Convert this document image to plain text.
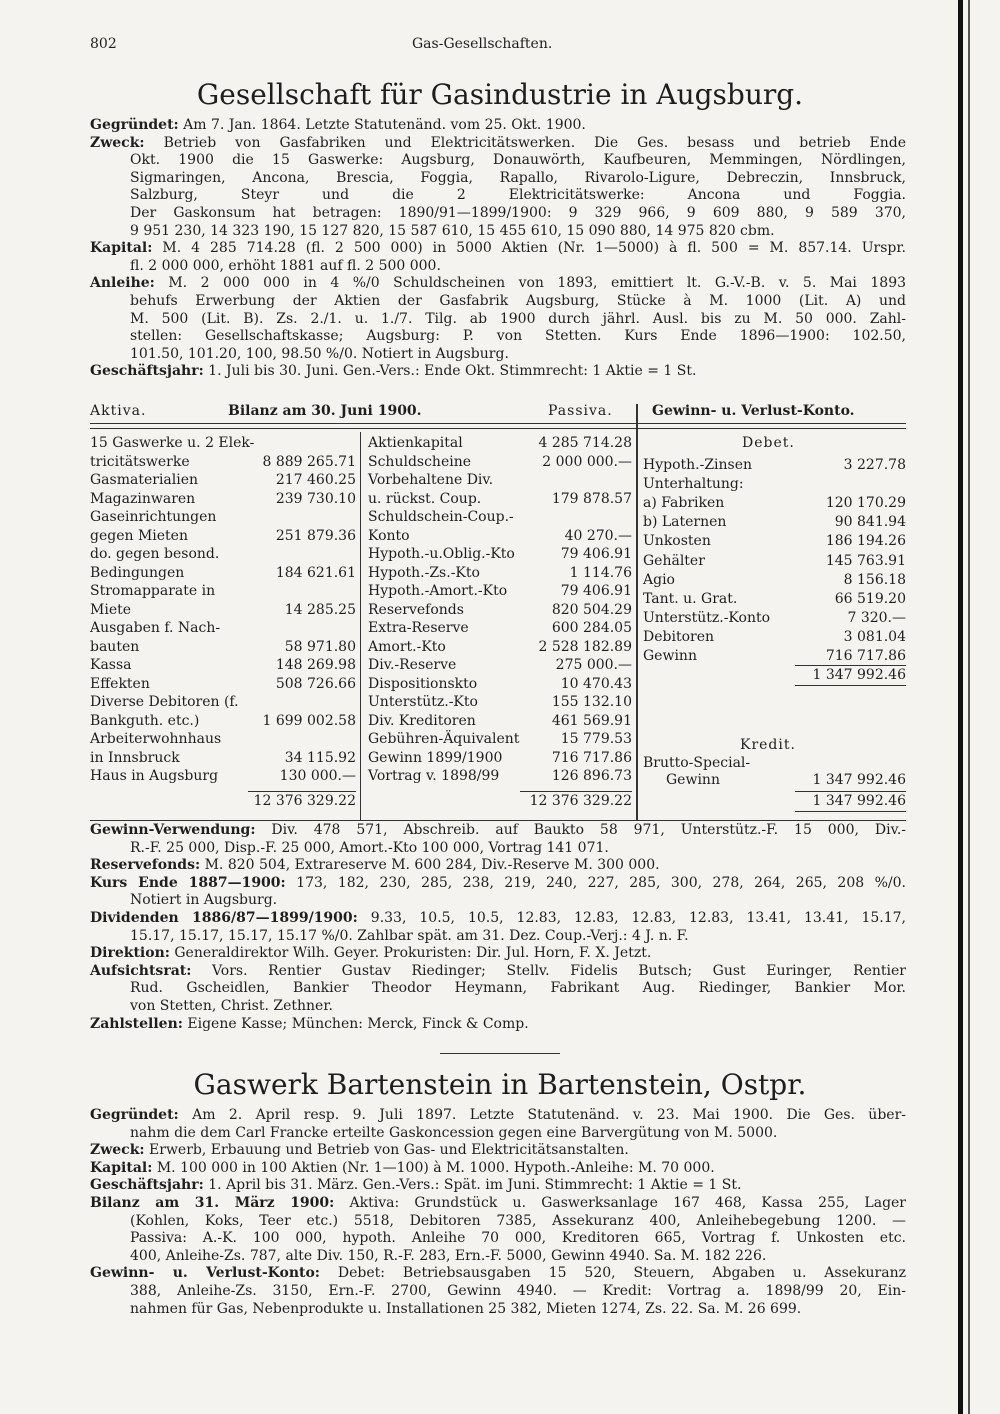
802	Gas-Gesellschaften.
Gesellschaft für Gasindustrie in Augsburg.
Gegründet: Am 7. Jan. 1864. Letzte Statutenänd. vom 25. Okt. 1900.
Zweck: Betrieb von Gasfabriken und Elektricitätswerken. Die Ges. besass und betrieb Ende
Okt. 1900 die 15 Gaswerke: Augsburg, Donauwörth, Kaufbeuren, Memmingen, Nördlingen,
Sigmaringen, Ancona, Brescia, Foggia, Rapallo, Rivarolo-Ligure, Debreczin, Innsbruck,
Salzburg, Steyr und die 2 Elektricitätswerke: Ancona und Foggia.
Der Gaskonsum hat betragen: 1890/91—1899/1900: 9 329 966, 9 609 880, 9 589 370,
9 951 230, 14 323 190, 15 127 820, 15 587 610, 15 455 610, 15 090 880, 14 975 820 cbm.
Kapital: M. 4 285 714.28 (fl. 2 500 000) in 5000 Aktien (Nr. 1—5000) à fl. 500 = M. 857.14. Urspr.
fl. 2 000 000, erhöht 1881 auf fl. 2 500 000.
Anleihe: M. 2 000 000 in 4 %/0 Schuldscheinen von 1893, emittiert lt. G.-V.-B. v. 5. Mai 1893
behufs Erwerbung der Aktien der Gasfabrik Augsburg, Stücke à M. 1000 (Lit. A) und
M. 500 (Lit. B). Zs. 2./1. u. 1./7. Tilg. ab 1900 durch jährl. Ausl. bis zu M. 50 000. Zahl-
stellen: Gesellschaftskasse; Augsburg: P. von Stetten. Kurs Ende 1896—1900: 102.50,
101.50, 101.20, 100, 98.50 %/0. Notiert in Augsburg.
Geschäftsjahr: 1. Juli bis 30. Juni. Gen.-Vers.: Ende Okt. Stimmrecht: 1 Aktie = 1 St.
Aktiva.	Bilanz am 30. Juni 1900.	Passiva.	Gewinn- u. Verlust-Konto.
15 Gaswerke u. 2 Elek-
tricitätswerke	8 889 265.71
Gasmaterialien	217 460.25
Magazinwaren	239 730.10
Gaseinrichtungen
gegen Mieten	251 879.36
do. gegen besond.
Bedingungen	184 621.61
Stromapparate in
Miete	14 285.25
Ausgaben f. Nach-
bauten	58 971.80
Kassa	148 269.98
Effekten	508 726.66
Diverse Debitoren (f.
Bankguth. etc.)	1 699 002.58
Arbeiterwohnhaus
in Innsbruck	34 115.92
Haus in Augsburg	130 000.—
Aktienkapital	4 285 714.28
Schuldscheine	2 000 000.—
Vorbehaltene Div.
u. rückst. Coup.	179 878.57
Schuldschein-Coup.-
Konto	40 270.—
Hypoth.-u.Oblig.-Kto	79 406.91
Hypoth.-Zs.-Kto	1 114.76
Hypoth.-Amort.-Kto	79 406.91
Reservefonds	820 504.29
Extra-Reserve	600 284.05
Amort.-Kto	2 528 182.89
Div.-Reserve	275 000.—
Dispositionskto	10 470.43
Unterstütz.-Kto	155 132.10
Div. Kreditoren	461 569.91
Gebühren-Äquivalent	15 779.53
Gewinn 1899/1900	716 717.86
Vortrag v. 1898/99	126 896.73
Hypoth.-Zinsen	3 227.78
Unterhaltung:
a) Fabriken	120 170.29
b) Laternen	90 841.94
Unkosten	186 194.26
Gehälter	145 763.91
Agio	8 156.18
Tant. u. Grat.	66 519.20
Unterstütz.-Konto	7 320.—
Debitoren	3 081.04
Gewinn	716 717.86
Debet.
Kredit.
Brutto-Special-
Gewinn	1 347 992.46
1 347 992.46
1 347 992.46
12 376 329.22	12 376 329.22
Gewinn-Verwendung: Div. 478 571, Abschreib. auf Baukto 58 971, Unterstütz.-F. 15 000, Div.-
R.-F. 25 000, Disp.-F. 25 000, Amort.-Kto 100 000, Vortrag 141 071.
Reservefonds: M. 820 504, Extrareserve M. 600 284, Div.-Reserve M. 300 000.
Kurs Ende 1887—1900: 173, 182, 230, 285, 238, 219, 240, 227, 285, 300, 278, 264, 265, 208 %/0.
Notiert in Augsburg.
Dividenden 1886/87—1899/1900: 9.33, 10.5, 10.5, 12.83, 12.83, 12.83, 12.83, 13.41, 13.41, 15.17,
15.17, 15.17, 15.17, 15.17 %/0. Zahlbar spät. am 31. Dez. Coup.-Verj.: 4 J. n. F.
Direktion: Generaldirektor Wilh. Geyer. Prokuristen: Dir. Jul. Horn, F. X. Jetzt.
Aufsichtsrat: Vors. Rentier Gustav Riedinger; Stellv. Fidelis Butsch; Gust Euringer, Rentier
Rud. Gscheidlen, Bankier Theodor Heymann, Fabrikant Aug. Riedinger, Bankier Mor.
von Stetten, Christ. Zethner.
Zahlstellen: Eigene Kasse; München: Merck, Finck & Comp.
Gaswerk Bartenstein in Bartenstein, Ostpr.
Gegründet: Am 2. April resp. 9. Juli 1897. Letzte Statutenänd. v. 23. Mai 1900. Die Ges. über-
nahm die dem Carl Francke erteilte Gaskoncession gegen eine Barvergütung von M. 5000.
Zweck: Erwerb, Erbauung und Betrieb von Gas- und Elektricitätsanstalten.
Kapital: M. 100 000 in 100 Aktien (Nr. 1—100) à M. 1000. Hypoth.-Anleihe: M. 70 000.
Geschäftsjahr: 1. April bis 31. März. Gen.-Vers.: Spät. im Juni. Stimmrecht: 1 Aktie = 1 St.
Bilanz am 31. März 1900: Aktiva: Grundstück u. Gaswerksanlage 167 468, Kassa 255, Lager
(Kohlen, Koks, Teer etc.) 5518, Debitoren 7385, Assekuranz 400, Anleihebegebung 1200. —
Passiva: A.-K. 100 000, hypoth. Anleihe 70 000, Kreditoren 665, Vortrag f. Unkosten etc.
400, Anleihe-Zs. 787, alte Div. 150, R.-F. 283, Ern.-F. 5000, Gewinn 4940. Sa. M. 182 226.
Gewinn- u. Verlust-Konto: Debet: Betriebsausgaben 15 520, Steuern, Abgaben u. Assekuranz
388, Anleihe-Zs. 3150, Ern.-F. 2700, Gewinn 4940. — Kredit: Vortrag a. 1898/99 20, Ein-
nahmen für Gas, Nebenprodukte u. Installationen 25 382, Mieten 1274, Zs. 22. Sa. M. 26 699.
